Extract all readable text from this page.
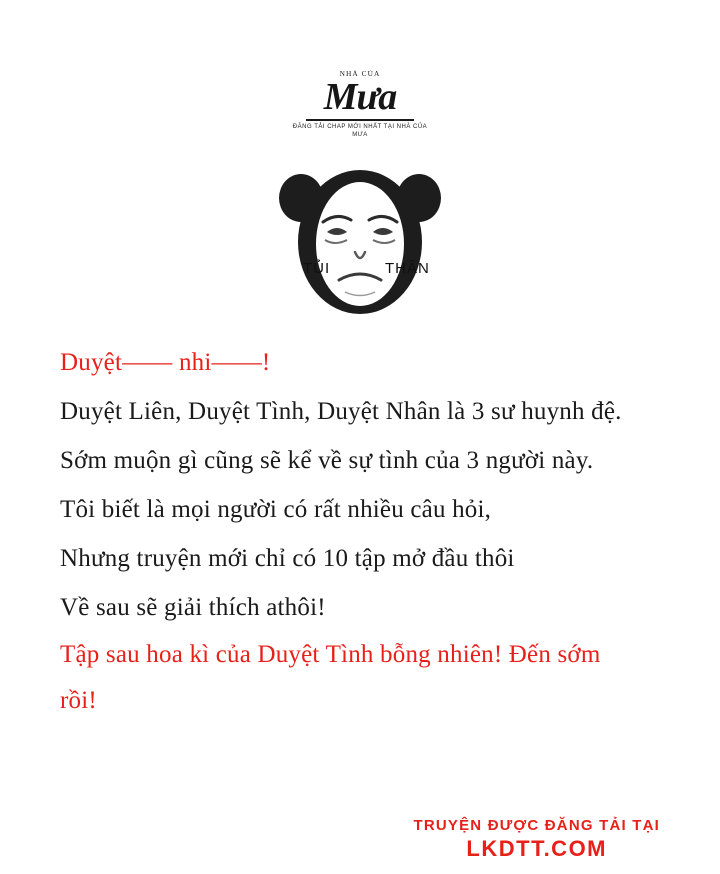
NHÀ CỦA
Mưa
ĐĂNG TẢI CHAP MỚI NHẤT TẠI NHÀ CỦA MƯA
TỦI	THÂN
Duyệt—— nhi——!
Duyệt Liên, Duyệt Tình, Duyệt Nhân là 3 sư huynh đệ.
Sớm muộn gì cũng sẽ kể về sự tình của 3 người này.
Tôi biết là mọi người có rất nhiều câu hỏi,
Nhưng truyện mới chỉ có 10 tập mở đầu thôi
Về sau sẽ giải thích athôi!
Tập sau hoa kì của Duyệt Tình bỗng nhiên! Đến sớm
rồi!
TRUYỆN ĐƯỢC ĐĂNG TẢI TẠI
LKDTT.COM
